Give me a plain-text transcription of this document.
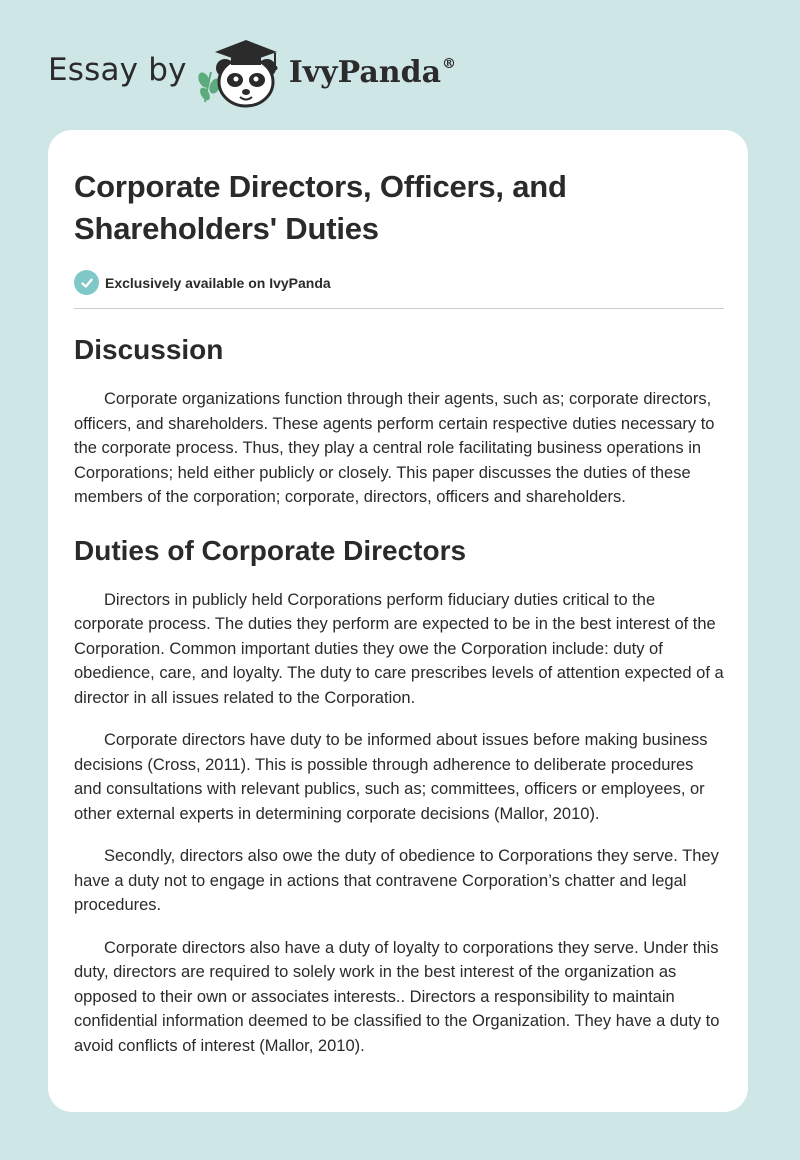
Essay by	IvyPanda®
Corporate Directors, Officers, and Shareholders' Duties
Exclusively available on IvyPanda
Discussion

Corporate organizations function through their agents, such as; corporate directors, officers, and shareholders. These agents perform certain respective duties necessary to the corporate process. Thus, they play a central role facilitating business operations in Corporations; held either publicly or closely. This paper discusses the duties of these members of the corporation; corporate, directors, officers and shareholders.

Duties of Corporate Directors

Directors in publicly held Corporations perform fiduciary duties critical to the corporate process. The duties they perform are expected to be in the best interest of the Corporation. Common important duties they owe the Corporation include: duty of obedience, care, and loyalty. The duty to care prescribes levels of attention expected of a director in all issues related to the Corporation.

Corporate directors have duty to be informed about issues before making business decisions (Cross, 2011). This is possible through adherence to deliberate procedures and consultations with relevant publics, such as; committees, officers or employees, or other external experts in determining corporate decisions (Mallor, 2010).

Secondly, directors also owe the duty of obedience to Corporations they serve. They have a duty not to engage in actions that contravene Corporation’s chatter and legal procedures.

Corporate directors also have a duty of loyalty to corporations they serve. Under this duty, directors are required to solely work in the best interest of the organization as opposed to their own or associates interests.. Directors a responsibility to maintain confidential information deemed to be classified to the Organization. They have a duty to avoid conflicts of interest (Mallor, 2010).
